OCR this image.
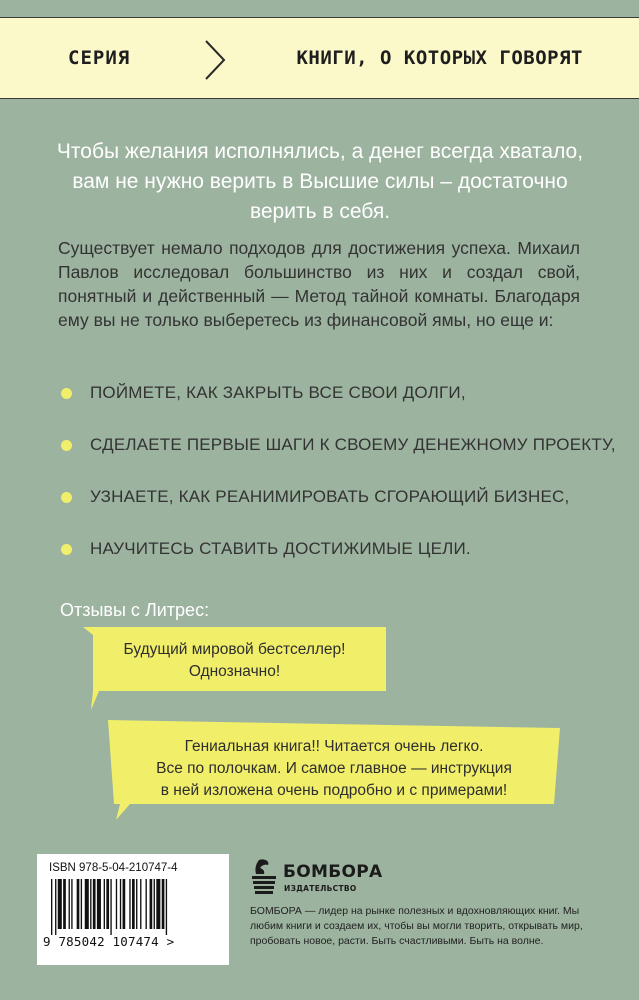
СЕРИЯ	КНИГИ, О КОТОРЫХ ГОВОРЯТ
Чтобы желания исполнялись, а денег всегда хватало,
вам не нужно верить в Высшие силы – достаточно
верить в себя.
Существует немало подходов для достижения успеха. Михаил Павлов исследовал большинство из них и создал свой, понятный и действенный — Метод тайной комнаты. Благодаря ему вы не только выберетесь из финансовой ямы, но еще и:
ПОЙМЕТЕ, КАК ЗАКРЫТЬ ВСЕ СВОИ ДОЛГИ,
СДЕЛАЕТЕ ПЕРВЫЕ ШАГИ К СВОЕМУ ДЕНЕЖНОМУ ПРОЕКТУ,
УЗНАЕТЕ, КАК РЕАНИМИРОВАТЬ СГОРАЮЩИЙ БИЗНЕС,
НАУЧИТЕСЬ СТАВИТЬ ДОСТИЖИМЫЕ ЦЕЛИ.
Отзывы с Литрес:
Будущий мировой бестселлер!
Однозначно!
Гениальная книга!! Читается очень легко.
Все по полочкам. И самое главное — инструкция
в ней изложена очень подробно и с примерами!
ISBN 978-5-04-210747-4
9 785042 107474 >
БОМБОРА
ИЗДАТЕЛЬСТВО
БОМБОРА — лидер на рынке полезных и вдохновляющих книг. Мы любим книги и создаем их, чтобы вы могли творить, открывать мир, пробовать новое, расти. Быть счастливыми. Быть на волне.
